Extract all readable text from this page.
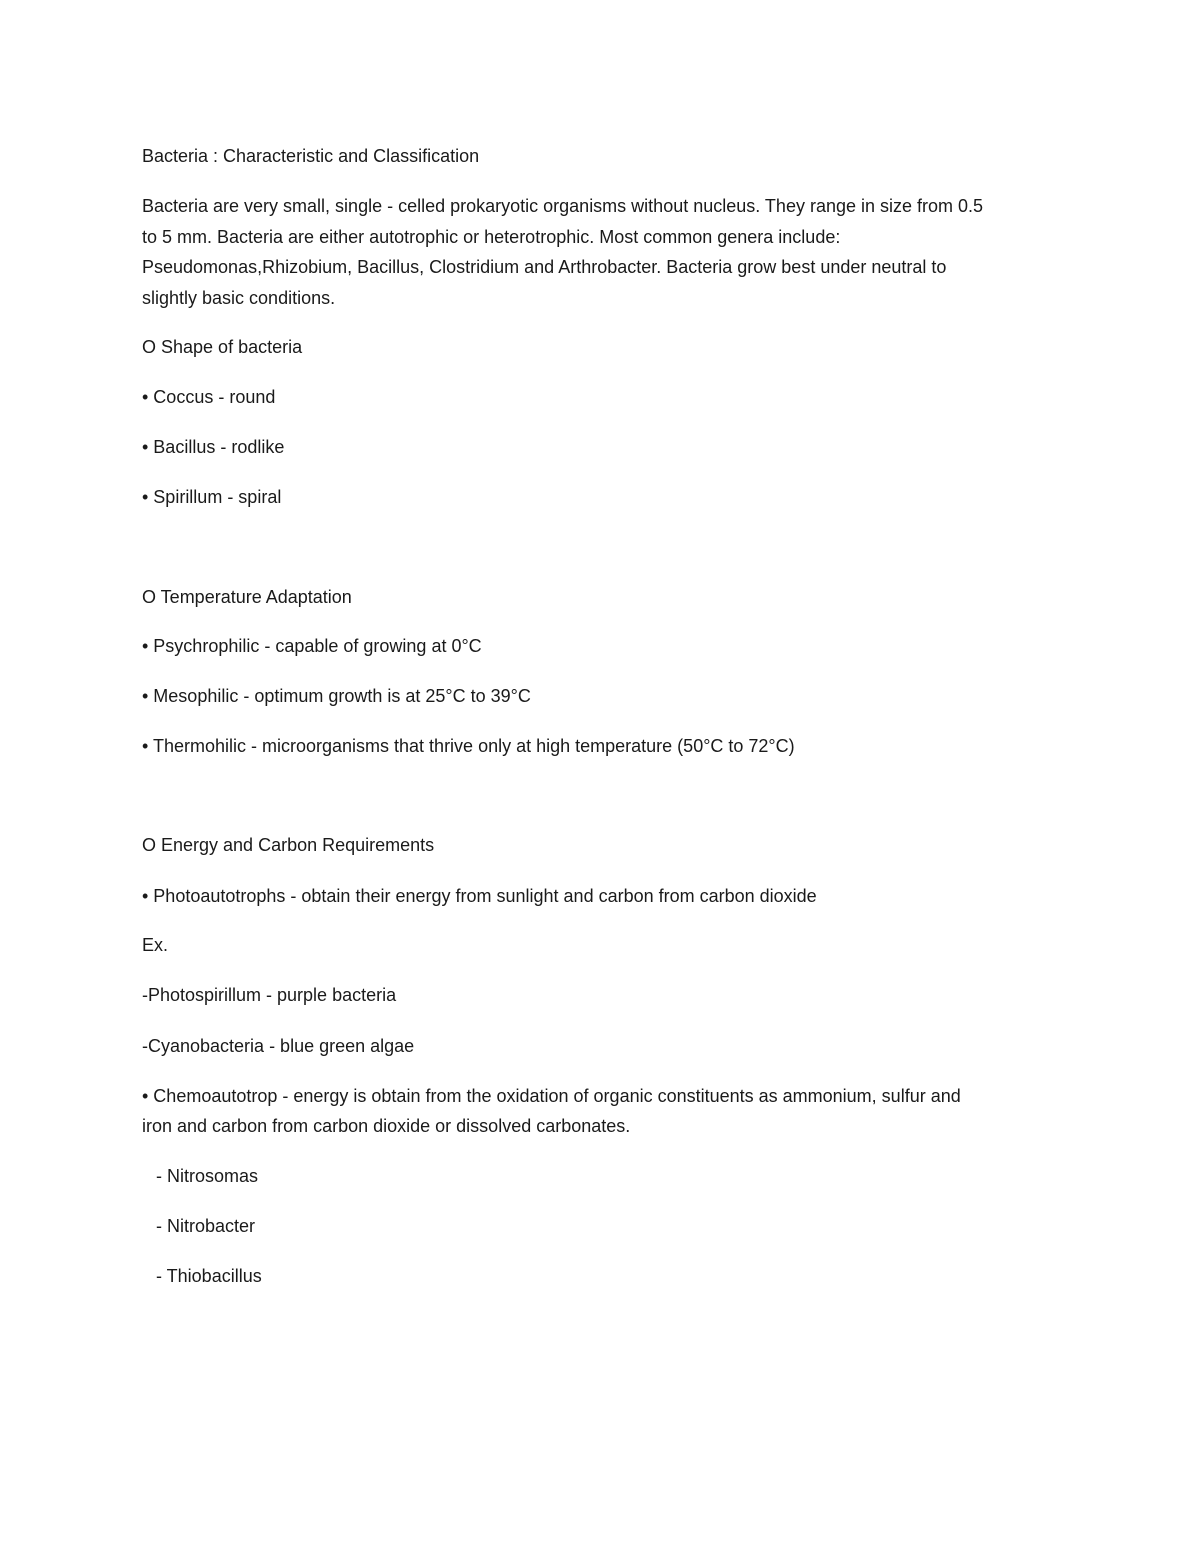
Bacteria : Characteristic and Classification

Bacteria are very small, single - celled prokaryotic organisms without nucleus. They range in size from 0.5

to 5 mm. Bacteria are either autotrophic or heterotrophic. Most common genera include:

Pseudomonas,Rhizobium, Bacillus, Clostridium and Arthrobacter. Bacteria grow best under neutral to

slightly basic conditions.

O Shape of bacteria

• Coccus - round

• Bacillus - rodlike

• Spirillum - spiral

O Temperature Adaptation

• Psychrophilic - capable of growing at 0°C

• Mesophilic - optimum growth is at 25°C to 39°C

• Thermohilic - microorganisms that thrive only at high temperature (50°C to 72°C)

O Energy and Carbon Requirements

• Photoautotrophs - obtain their energy from sunlight and carbon from carbon dioxide

Ex.

-Photospirillum - purple bacteria

-Cyanobacteria - blue green algae

• Chemoautotrop - energy is obtain from the oxidation of organic constituents as ammonium, sulfur and

iron and carbon from carbon dioxide or dissolved carbonates.

- Nitrosomas

- Nitrobacter

- Thiobacillus
